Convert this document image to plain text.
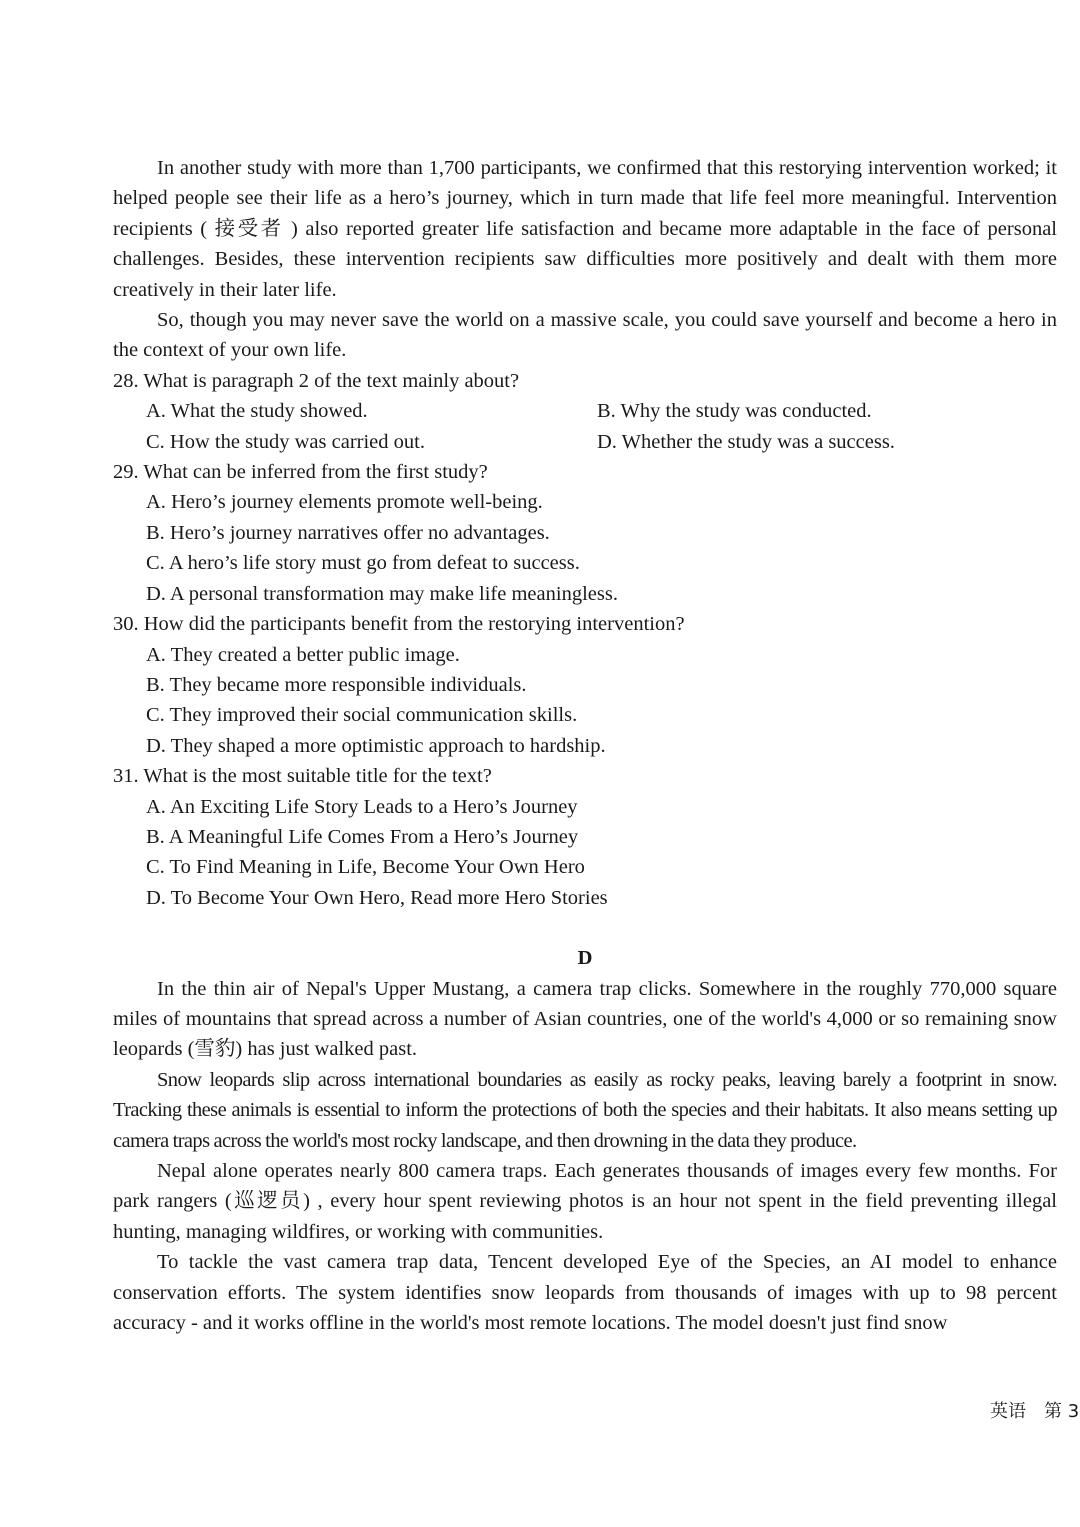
In another study with more than 1,700 participants, we confirmed that this restorying intervention worked; it helped people see their life as a hero’s journey, which in turn made that life feel more meaningful. Intervention recipients ( 接受者 ) also reported greater life satisfaction and became more adaptable in the face of personal challenges. Besides, these intervention recipients saw difficulties more positively and dealt with them more creatively in their later life.

So, though you may never save the world on a massive scale, you could save yourself and become a hero in the context of your own life.

28. What is paragraph 2 of the text mainly about?

A. What the study showed.	B. Why the study was conducted.
C. How the study was carried out.	D. Whether the study was a success.

29. What can be inferred from the first study?

A. Hero’s journey elements promote well-being.
B. Hero’s journey narratives offer no advantages.
C. A hero’s life story must go from defeat to success.
D. A personal transformation may make life meaningless.

30. How did the participants benefit from the restorying intervention?

A. They created a better public image.
B. They became more responsible individuals.
C. They improved their social communication skills.
D. They shaped a more optimistic approach to hardship.

31. What is the most suitable title for the text?

A. An Exciting Life Story Leads to a Hero’s Journey
B. A Meaningful Life Comes From a Hero’s Journey
C. To Find Meaning in Life, Become Your Own Hero
D. To Become Your Own Hero, Read more Hero Stories

D

In the thin air of Nepal's Upper Mustang, a camera trap clicks. Somewhere in the roughly 770,000 square miles of mountains that spread across a number of Asian countries, one of the world's 4,000 or so remaining snow leopards (雪豹) has just walked past.

Snow leopards slip across international boundaries as easily as rocky peaks, leaving barely a footprint in snow. Tracking these animals is essential to inform the protections of both the species and their habitats. It also means setting up camera traps across the world's most rocky landscape, and then drowning in the data they produce.

Nepal alone operates nearly 800 camera traps. Each generates thousands of images every few months. For park rangers (巡逻员) , every hour spent reviewing photos is an hour not spent in the field preventing illegal hunting, managing wildfires, or working with communities.

To tackle the vast camera trap data, Tencent developed Eye of the Species, an AI model to enhance conservation efforts. The system identifies snow leopards from thousands of images with up to 98 percent accuracy - and it works offline in the world's most remote locations. The model doesn't just find snow

英语　第 3
